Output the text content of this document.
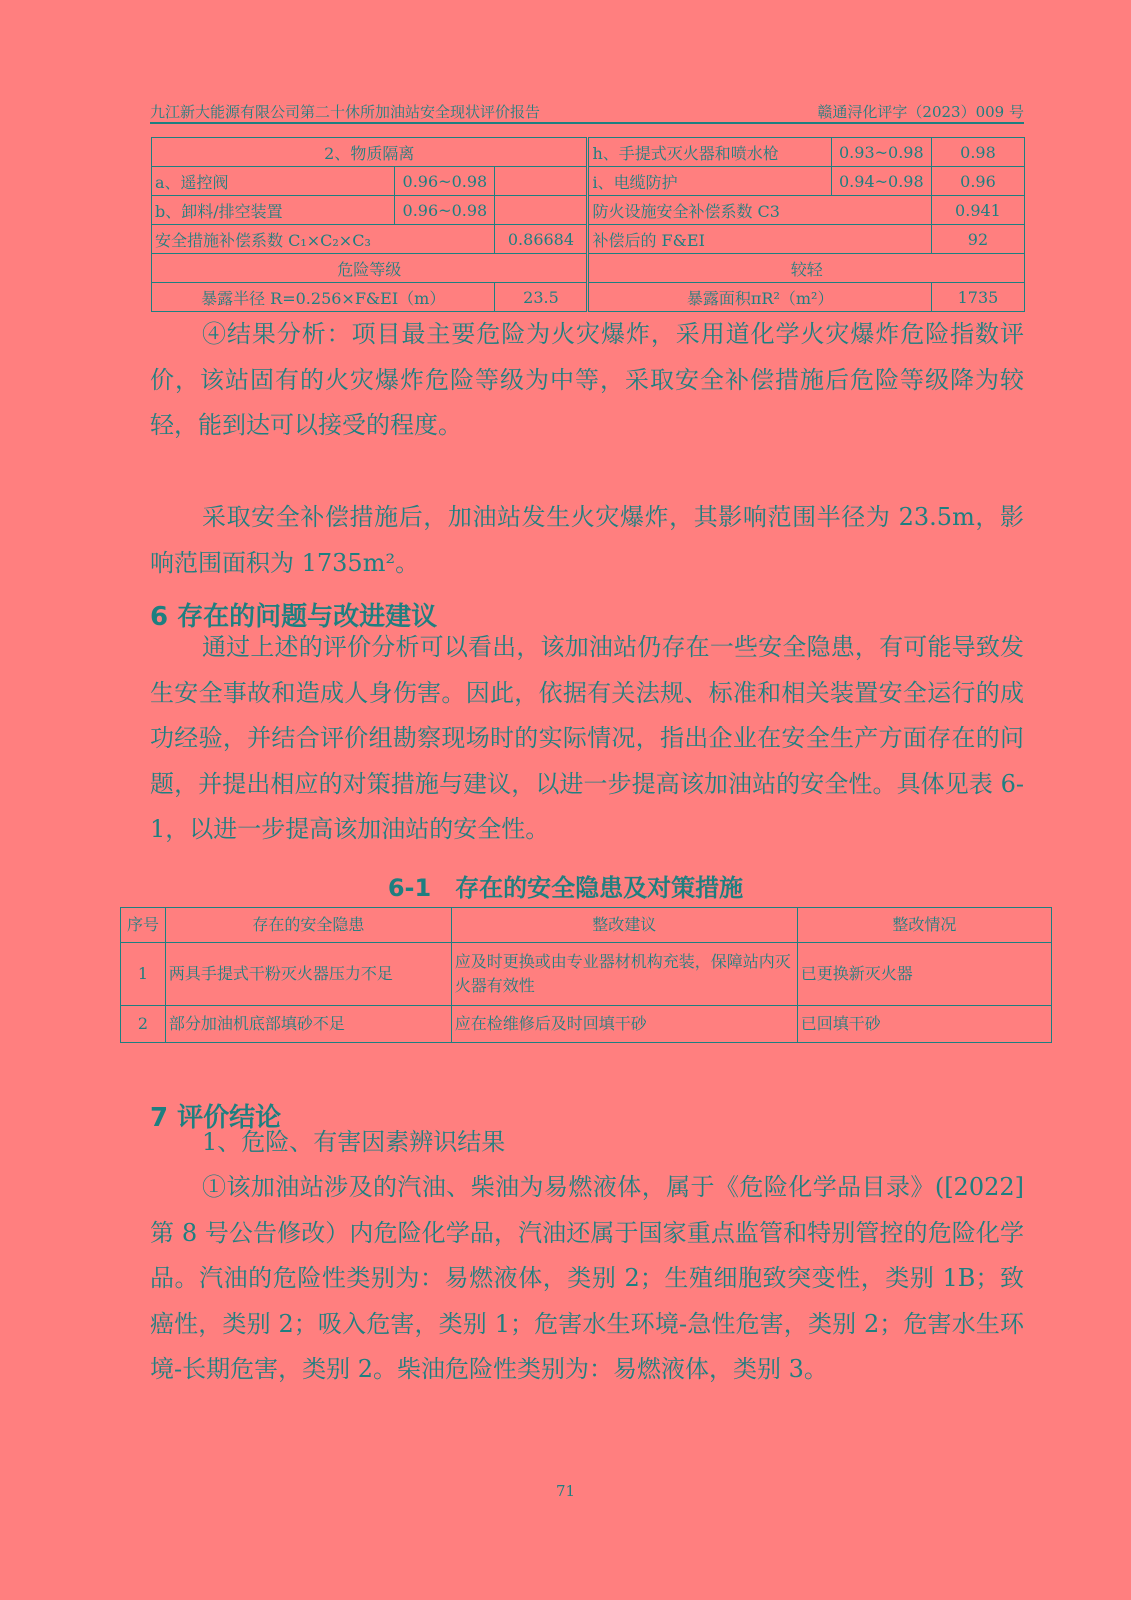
九江新大能源有限公司第二十休所加油站安全现状评价报告	赣通浔化评字（2023）009 号
2、物质隔离			h、手提式灭火器和喷水枪	0.93~0.98	0.98
a、遥控阀	0.96~0.98		i、电缆防护	0.94~0.98	0.96
b、卸料/排空装置	0.96~0.98		防火设施安全补偿系数 C3		0.941
安全措施补偿系数 C₁×C₂×C₃		0.86684	补偿后的 F&EI		92
危险等级			较轻		
暴露半径 R=0.256×F&EI（m）		23.5	暴露面积πR²（m²）		1735

④结果分析：项目最主要危险为火灾爆炸，采用道化学火灾爆炸危险指数评价，该站固有的火灾爆炸危险等级为中等，采取安全补偿措施后危险等级降为较轻，能到达可以接受的程度。

采取安全补偿措施后，加油站发生火灾爆炸，其影响范围半径为 23.5m，影响范围面积为 1735m²。

6 存在的问题与改进建议

通过上述的评价分析可以看出，该加油站仍存在一些安全隐患，有可能导致发生安全事故和造成人身伤害。因此，依据有关法规、标准和相关装置安全运行的成功经验，并结合评价组勘察现场时的实际情况，指出企业在安全生产方面存在的问题，并提出相应的对策措施与建议，以进一步提高该加油站的安全性。具体见表 6-1，以进一步提高该加油站的安全性。

6-1　存在的安全隐患及对策措施
序号	存在的安全隐患	整改建议	整改情况
1	两具手提式干粉灭火器压力不足	应及时更换或由专业器材机构充装，保障站内灭火器有效性	已更换新灭火器
2	部分加油机底部填砂不足	应在检维修后及时回填干砂	已回填干砂
7 评价结论

1、危险、有害因素辨识结果

①该加油站涉及的汽油、柴油为易燃液体，属于《危险化学品目录》([2022]第 8 号公告修改）内危险化学品，汽油还属于国家重点监管和特别管控的危险化学品。汽油的危险性类别为：易燃液体，类别 2；生殖细胞致突变性，类别 1B；致癌性，类别 2；吸入危害，类别 1；危害水生环境-急性危害，类别 2；危害水生环境-长期危害，类别 2。柴油危险性类别为：易燃液体，类别 3。

71
